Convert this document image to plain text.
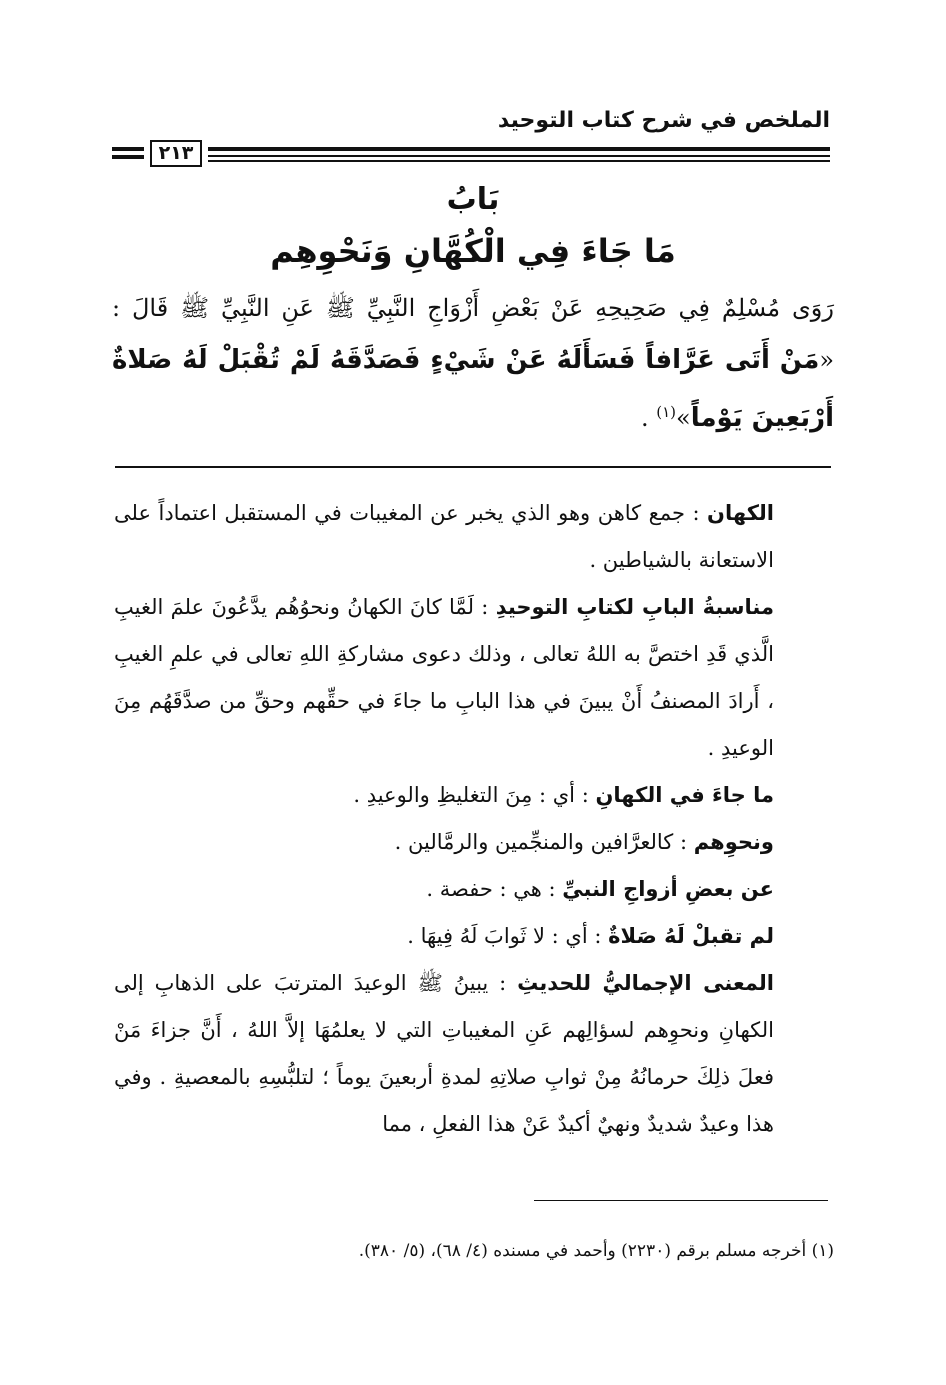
الملخص في شرح كتاب التوحيد
٢١٣
بَابُ
مَا جَاءَ فِي الْكُهَّانِ وَنَحْوِهِم
رَوَى مُسْلِمٌ فِي صَحِيحِهِ عَنْ بَعْضِ أَزْوَاجِ النَّبِيِّ ﷺ عَنِ النَّبِيِّ ﷺ قَالَ : «مَنْ أَتَى عَرَّافاً فَسَأَلَهُ عَنْ شَيْءٍ فَصَدَّقَهُ لَمْ تُقْبَلْ لَهُ صَلاةٌ أَرْبَعِينَ يَوْماً»$^{(١)}$ .

الكهان : جمع كاهن وهو الذي يخبر عن المغيبات في المستقبل اعتماداً على الاستعانة بالشياطين .

مناسبةُ البابِ لكتابِ التوحيدِ : لَمَّا كانَ الكهانُ ونحوُهُم يدَّعُونَ علمَ الغيبِ الَّذي قَدِ اختصَّ به اللهُ تعالى ، وذلك دعوى مشاركةِ اللهِ تعالى في علمِ الغيبِ ، أَرادَ المصنفُ أَنْ يبينَ في هذا البابِ ما جاءَ في حقِّهم وحقِّ من صدَّقَهُم مِنَ الوعيدِ .

ما جاءَ في الكهانِ : أي : مِنَ التغليظِ والوعيدِ .

ونحوِهم : كالعرَّافين والمنجِّمين والرمَّالين .

عن بعضِ أزواجِ النبيِّ : هي : حفصة .

لم تقبلْ لَهُ صَلاةٌ : أي : لا ثَوابَ لَهُ فِيهَا .

المعنى الإجماليُّ للحديثِ : يبينُ ﷺ الوعيدَ المترتبَ على الذهابِ إلى الكهانِ ونحوِهم لسؤالِهم عَنِ المغيباتِ التي لا يعلمُهَا إلاَّ اللهُ ، أَنَّ جزاءَ مَنْ فعلَ ذلِكَ حرمانُهُ مِنْ ثوابِ صلاتِهِ لمدةِ أربعينَ يوماً ؛ لتلبُّسِهِ بالمعصيةِ . وفي هذا وعيدٌ شديدٌ ونهيٌ أكيدٌ عَنْ هذا الفعلِ ، مما

(١) أخرجه مسلم برقم (٢٢٣٠) وأحمد في مسنده (٤/ ٦٨)، (٥/ ٣٨٠).
